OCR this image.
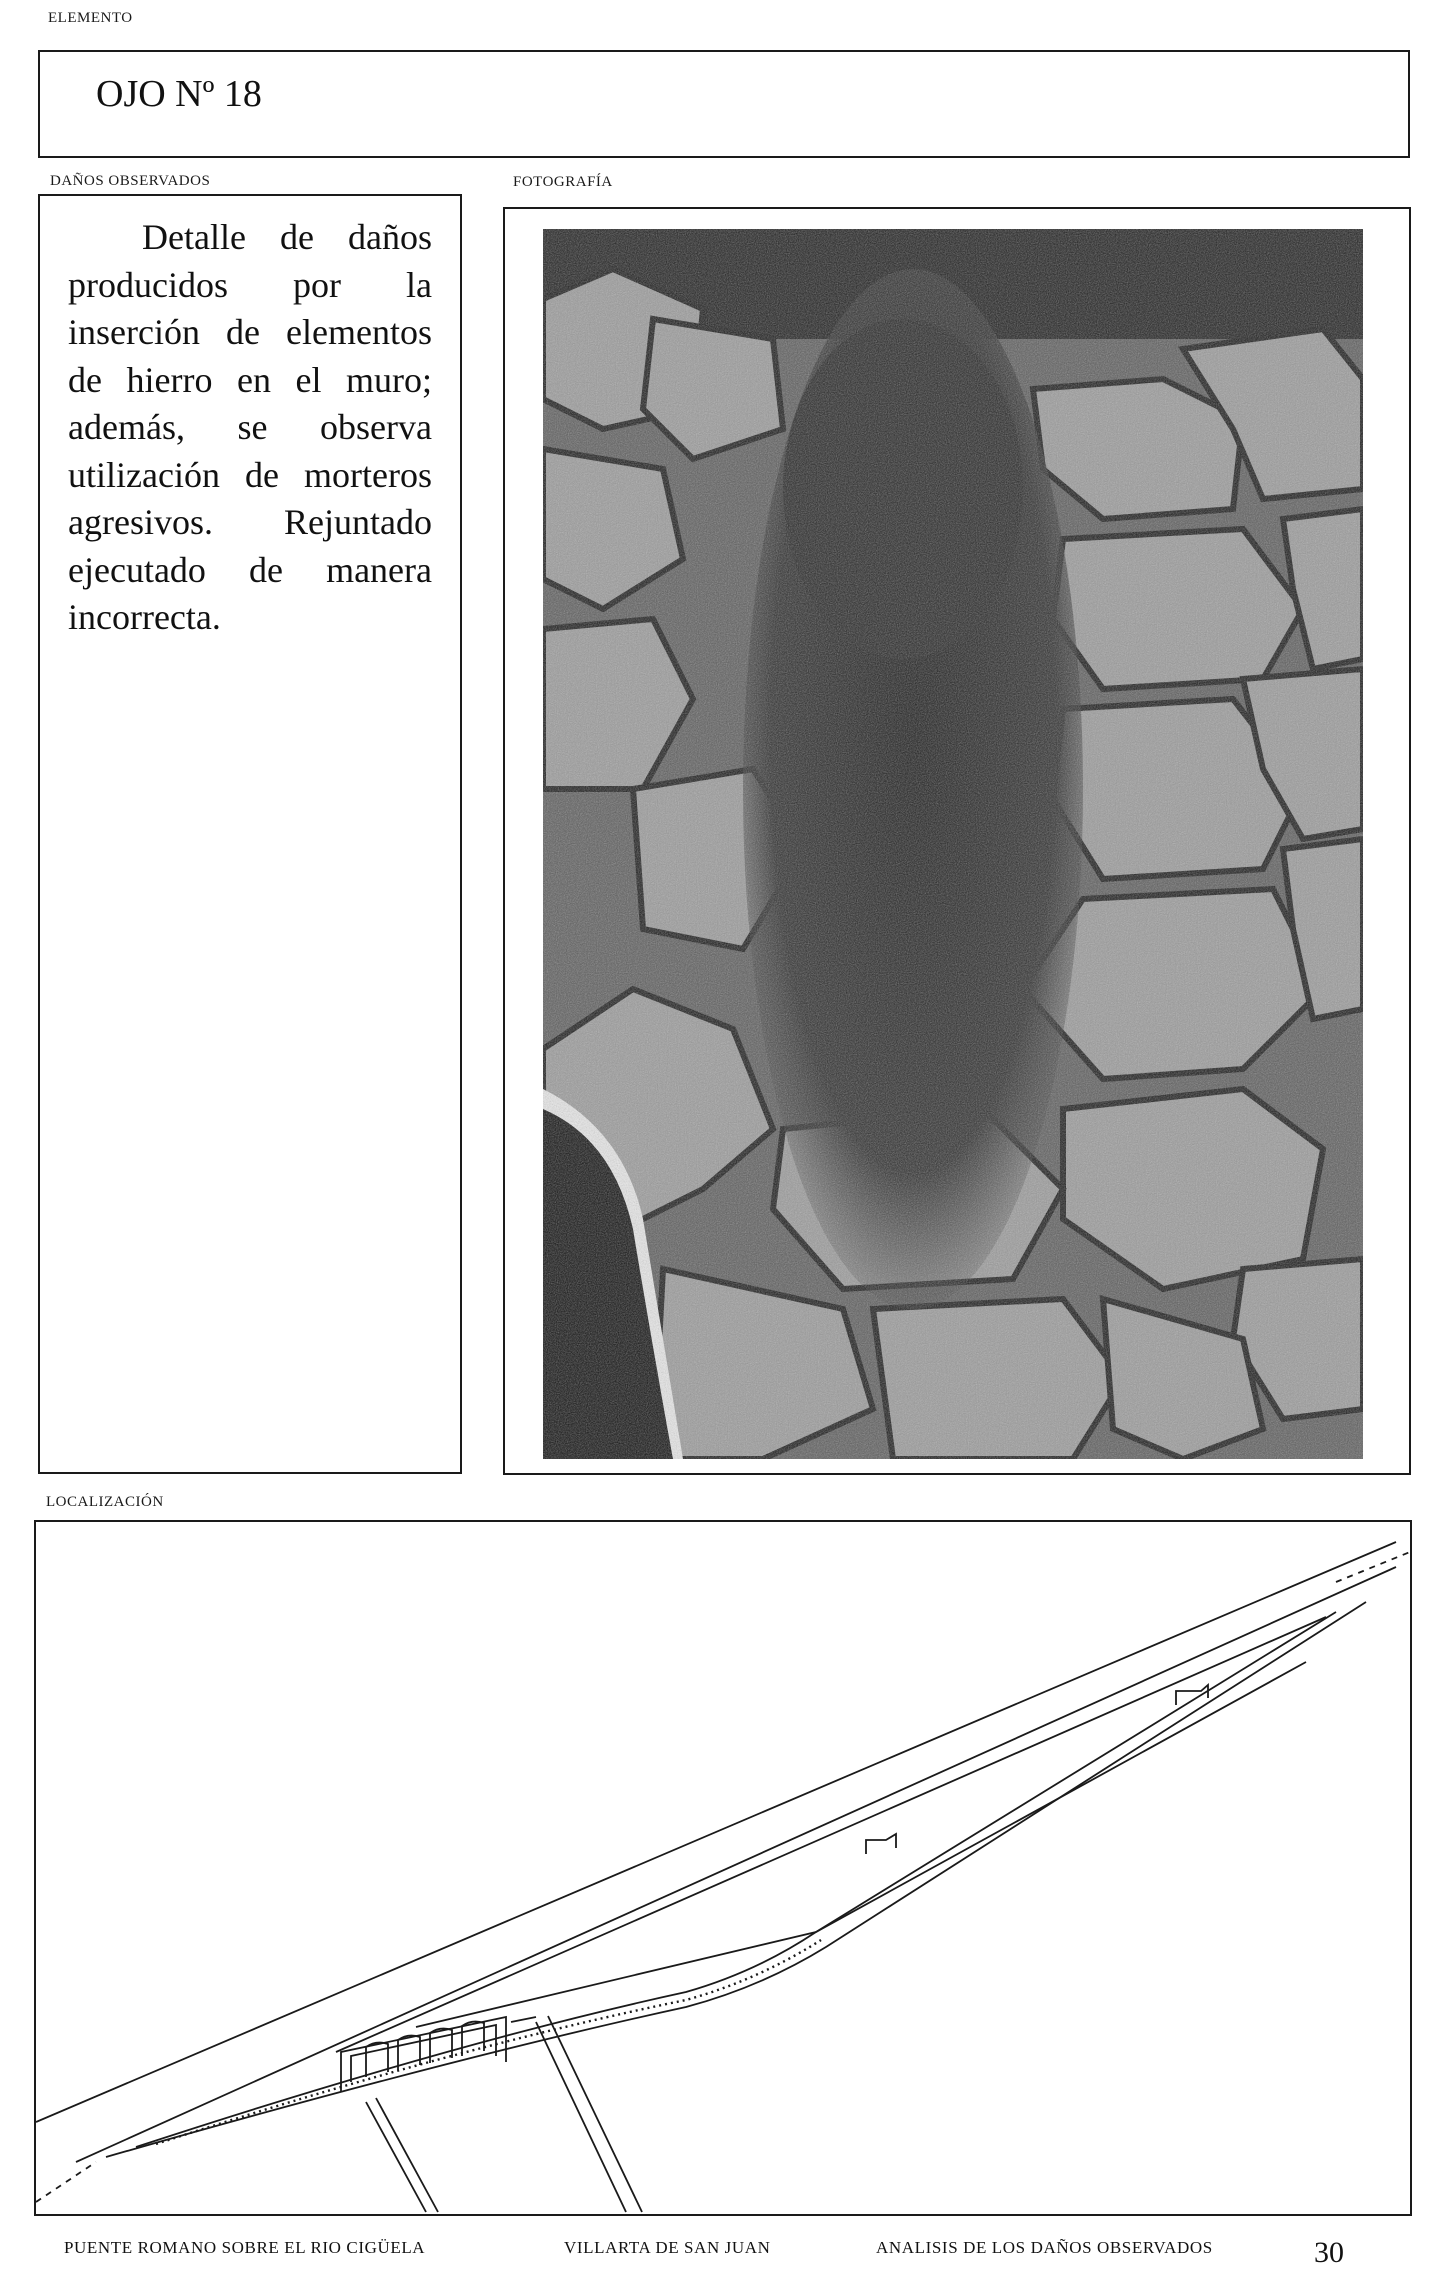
ELEMENTO
OJO Nº 18
DAÑOS OBSERVADOS
Detalle de daños producidos por la inserción de elementos de hierro en el muro; además, se observa utilización de morteros agresivos. Rejuntado ejecutado de manera incorrecta.
FOTOGRAFÍA
LOCALIZACIÓN
PUENTE ROMANO SOBRE EL RIO CIGÜELA	VILLARTA DE SAN JUAN	ANALISIS DE LOS DAÑOS OBSERVADOS	30
